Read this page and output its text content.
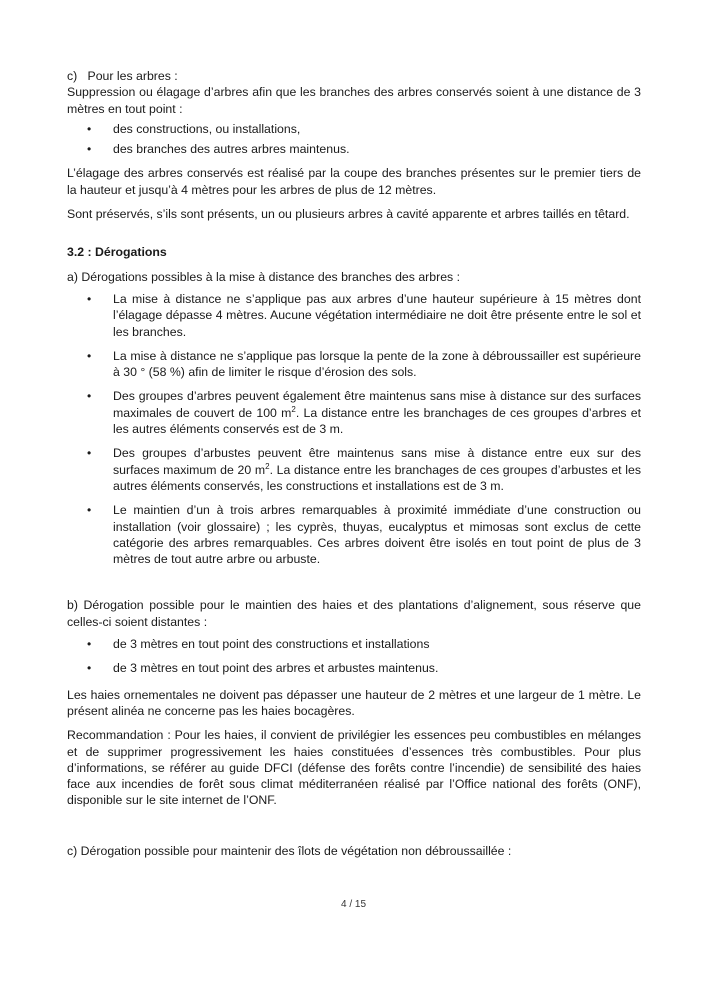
c)   Pour les arbres :

Suppression ou élagage d’arbres afin que les branches des arbres conservés soient à une distance de 3 mètres en tout point :

• des constructions, ou installations,
• des branches des autres arbres maintenus.

L’élagage des arbres conservés est réalisé par la coupe des branches présentes sur le premier tiers de la hauteur et jusqu’à 4 mètres pour les arbres de plus de 12 mètres.

Sont préservés, s’ils sont présents, un ou plusieurs arbres à cavité apparente et arbres taillés en têtard.

3.2 : Dérogations

a) Dérogations possibles à la mise à distance des branches des arbres :

• La mise à distance ne s’applique pas aux arbres d’une hauteur supérieure à 15 mètres dont l’élagage dépasse 4 mètres. Aucune végétation intermédiaire ne doit être présente entre le sol et les branches.
• La mise à distance ne s’applique pas lorsque la pente de la zone à débroussailler est supérieure à 30 ° (58 %) afin de limiter le risque d’érosion des sols.
• Des groupes d’arbres peuvent également être maintenus sans mise à distance sur des surfaces maximales de couvert de 100 $m^2$. La distance entre les branchages de ces groupes d’arbres et les autres éléments conservés est de 3 m.
• Des groupes d’arbustes peuvent être maintenus sans mise à distance entre eux sur des surfaces maximum de 20 $m^2$. La distance entre les branchages de ces groupes d’arbustes et les autres éléments conservés, les constructions et installations est de 3 m.
• Le maintien d’un à trois arbres remarquables à proximité immédiate d’une construction ou installation (voir glossaire) ; les cyprès, thuyas, eucalyptus et mimosas sont exclus de cette catégorie des arbres remarquables. Ces arbres doivent être isolés en tout point de plus de 3 mètres de tout autre arbre ou arbuste.

b) Dérogation possible pour le maintien des haies et des plantations d’alignement, sous réserve que celles-ci soient distantes :

• de 3 mètres en tout point des constructions et installations
• de 3 mètres en tout point des arbres et arbustes maintenus.

Les haies ornementales ne doivent pas dépasser une hauteur de 2 mètres et une largeur de 1 mètre. Le présent alinéa ne concerne pas les haies bocagères.

Recommandation : Pour les haies, il convient de privilégier les essences peu combustibles en mélanges et de supprimer progressivement les haies constituées d’essences très combustibles. Pour plus d’informations, se référer au guide DFCI (défense des forêts contre l’incendie) de sensibilité des haies face aux incendies de forêt sous climat méditerranéen réalisé par l’Office national des forêts (ONF), disponible sur le site internet de l’ONF.

c) Dérogation possible pour maintenir des îlots de végétation non débroussaillée :

4 / 15
